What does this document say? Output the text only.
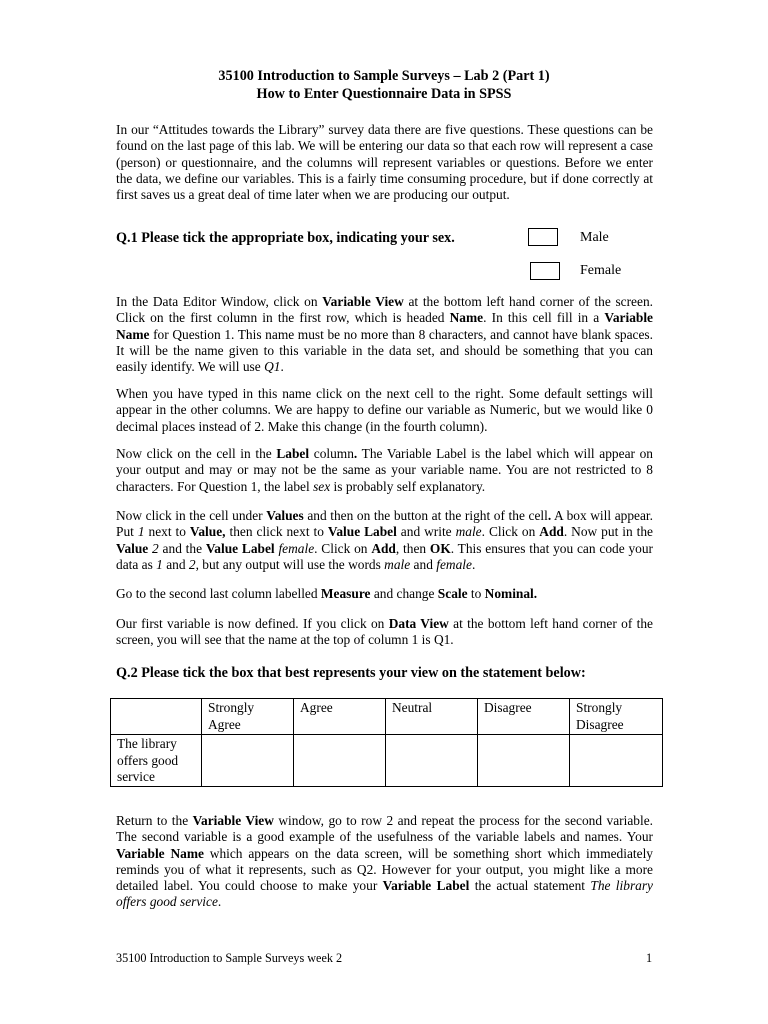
35100 Introduction to Sample Surveys – Lab 2 (Part 1)
How to Enter Questionnaire Data in SPSS

In our “Attitudes towards the Library” survey data there are five questions. These questions can be found on the last page of this lab. We will be entering our data so that each row will represent a case (person) or questionnaire, and the columns will represent variables or questions. Before we enter the data, we define our variables. This is a fairly time consuming procedure, but if done correctly at first saves us a great deal of time later when we are producing our output.

Q.1 Please tick the appropriate box, indicating your sex.	Male
Female

In the Data Editor Window, click on Variable View at the bottom left hand corner of the screen. Click on the first column in the first row, which is headed Name. In this cell fill in a Variable Name for Question 1. This name must be no more than 8 characters, and cannot have blank spaces. It will be the name given to this variable in the data set, and should be something that you can easily identify. We will use Q1.

When you have typed in this name click on the next cell to the right. Some default settings will appear in the other columns. We are happy to define our variable as Numeric, but we would like 0 decimal places instead of 2. Make this change (in the fourth column).

Now click on the cell in the Label column. The Variable Label is the label which will appear on your output and may or may not be the same as your variable name. You are not restricted to 8 characters. For Question 1, the label sex is probably self explanatory.

Now click in the cell under Values and then on the button at the right of the cell. A box will appear. Put 1 next to Value, then click next to Value Label and write male. Click on Add. Now put in the Value 2 and the Value Label female. Click on Add, then OK. This ensures that you can code your data as 1 and 2, but any output will use the words male and female.

Go to the second last column labelled Measure and change Scale to Nominal.

Our first variable is now defined. If you click on Data View at the bottom left hand corner of the screen, you will see that the name at the top of column 1 is Q1.

Q.2 Please tick the box that best represents your view on the statement below:
	Strongly Agree	Agree	Neutral	Disagree	Strongly Disagree
The library offers good service					

Return to the Variable View window, go to row 2 and repeat the process for the second variable. The second variable is a good example of the usefulness of the variable labels and names. Your Variable Name which appears on the data screen, will be something short which immediately reminds you of what it represents, such as Q2. However for your output, you might like a more detailed label. You could choose to make your Variable Label the actual statement The library offers good service.

35100 Introduction to Sample Surveys week 2	1
